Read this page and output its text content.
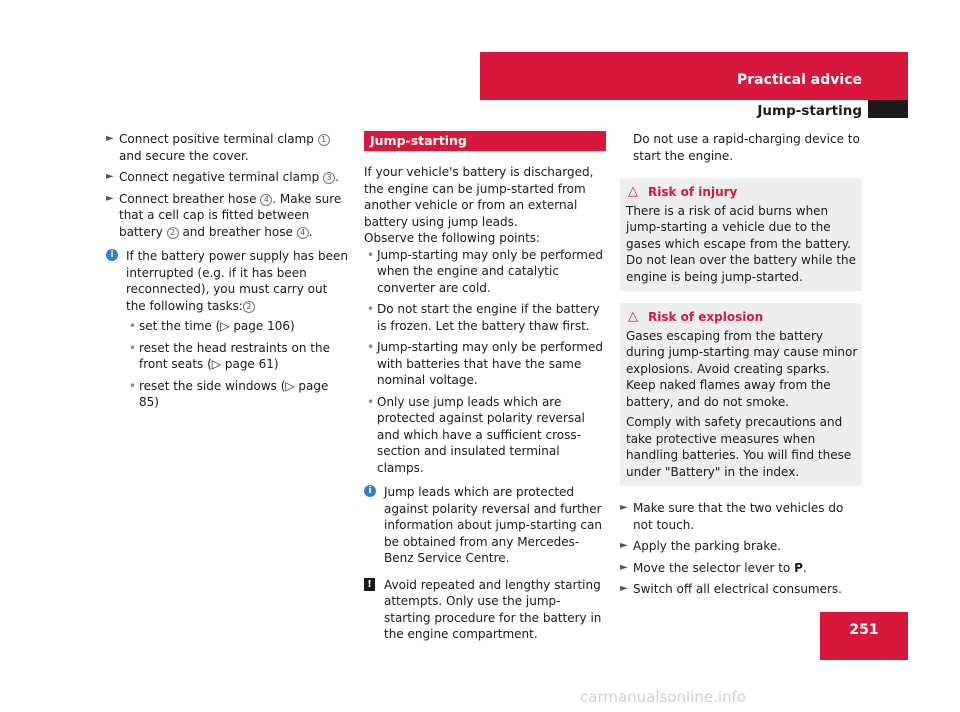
Practical advice
Jump-starting

► Connect positive terminal clamp 1 and secure the cover.

► Connect negative terminal clamp 3 .

► Connect breather hose 4 . Make sure that a cell cap is fitted between battery 2 and breather hose 4 .

i	If the battery power supply has been interrupted (e.g. if it has been reconnected), you must carry out the following tasks: 2

• set the time (▷ page 106)

• reset the head restraints on the front seats (▷ page 61)

• reset the side windows (▷ page 85)

Jump-starting

If your vehicle's battery is discharged, the engine can be jump-started from another vehicle or from an external battery using jump leads.

Observe the following points:

• Jump-starting may only be performed when the engine and catalytic converter are cold.

• Do not start the engine if the battery is frozen. Let the battery thaw first.

• Jump-starting may only be performed with batteries that have the same nominal voltage.

• Only use jump leads which are protected against polarity reversal and which have a sufficient cross-section and insulated terminal clamps.

i	Jump leads which are protected against polarity reversal and further information about jump-starting can be obtained from any Mercedes-Benz Service Centre.
! Avoid repeated and lengthy starting attempts. Only use the jump-starting procedure for the battery in the engine compartment.

Do not use a rapid-charging device to start the engine.

△ Risk of injury

There is a risk of acid burns when jump-starting a vehicle due to the gases which escape from the battery. Do not lean over the battery while the engine is being jump-started.

△ Risk of explosion

Gases escaping from the battery during jump-starting may cause minor explosions. Avoid creating sparks. Keep naked flames away from the battery, and do not smoke.

Comply with safety precautions and take protective measures when handling batteries. You will find these under "Battery" in the index.

► Make sure that the two vehicles do not touch.

► Apply the parking brake.

► Move the selector lever to P.

► Switch off all electrical consumers.

251
carmanualsonline.info
